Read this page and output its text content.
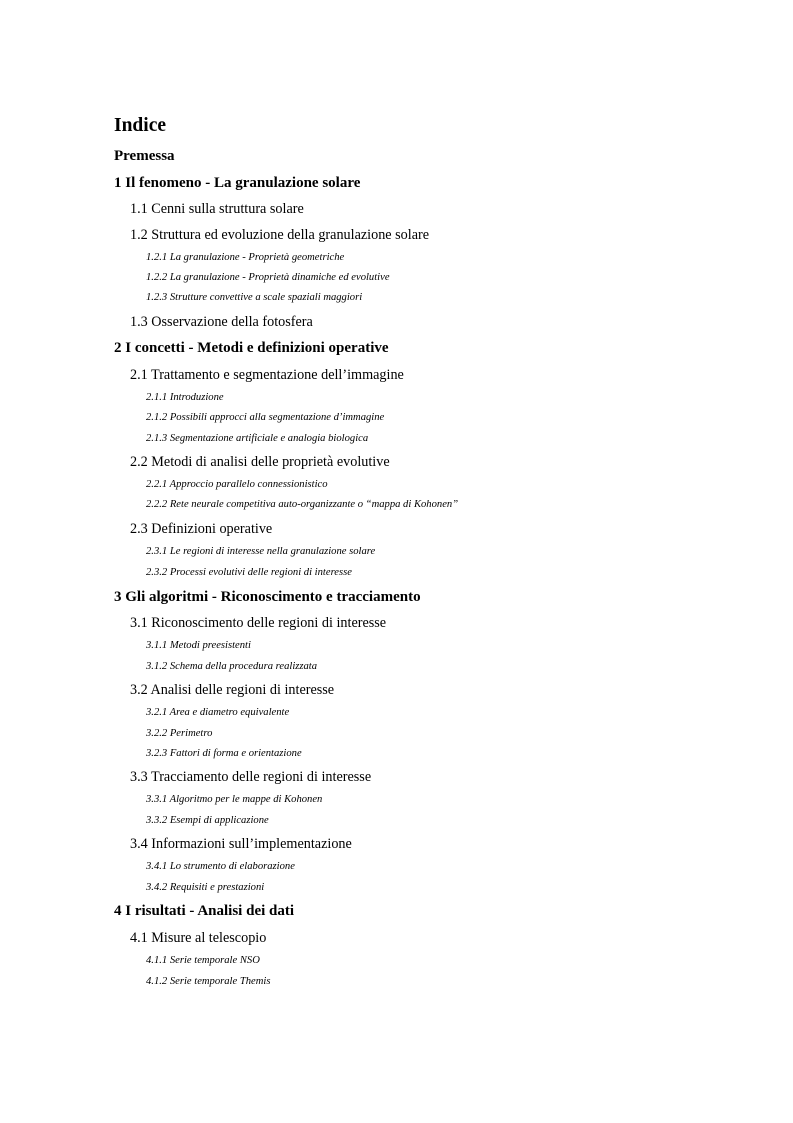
Indice
Premessa
1 Il fenomeno - La granulazione solare
1.1 Cenni sulla struttura solare
1.2 Struttura ed evoluzione della granulazione solare
1.2.1 La granulazione - Proprietà geometriche
1.2.2 La granulazione - Proprietà dinamiche ed evolutive
1.2.3 Strutture convettive a scale spaziali maggiori
1.3 Osservazione della fotosfera
2 I concetti - Metodi e definizioni operative
2.1 Trattamento e segmentazione dell’immagine
2.1.1 Introduzione
2.1.2 Possibili approcci alla segmentazione d’immagine
2.1.3 Segmentazione artificiale e analogia biologica
2.2 Metodi di analisi delle proprietà evolutive
2.2.1 Approccio parallelo connessionistico
2.2.2 Rete neurale competitiva auto-organizzante o “mappa di Kohonen”
2.3 Definizioni operative
2.3.1 Le regioni di interesse nella granulazione solare
2.3.2 Processi evolutivi delle regioni di interesse
3 Gli algoritmi - Riconoscimento e tracciamento
3.1 Riconoscimento delle regioni di interesse
3.1.1 Metodi preesistenti
3.1.2 Schema della procedura realizzata
3.2 Analisi delle regioni di interesse
3.2.1 Area e diametro equivalente
3.2.2 Perimetro
3.2.3 Fattori di forma e orientazione
3.3 Tracciamento delle regioni di interesse
3.3.1 Algoritmo per le mappe di Kohonen
3.3.2 Esempi di applicazione
3.4 Informazioni sull’implementazione
3.4.1 Lo strumento di elaborazione
3.4.2 Requisiti e prestazioni
4 I risultati - Analisi dei dati
4.1 Misure al telescopio
4.1.1 Serie temporale NSO
4.1.2 Serie temporale Themis
